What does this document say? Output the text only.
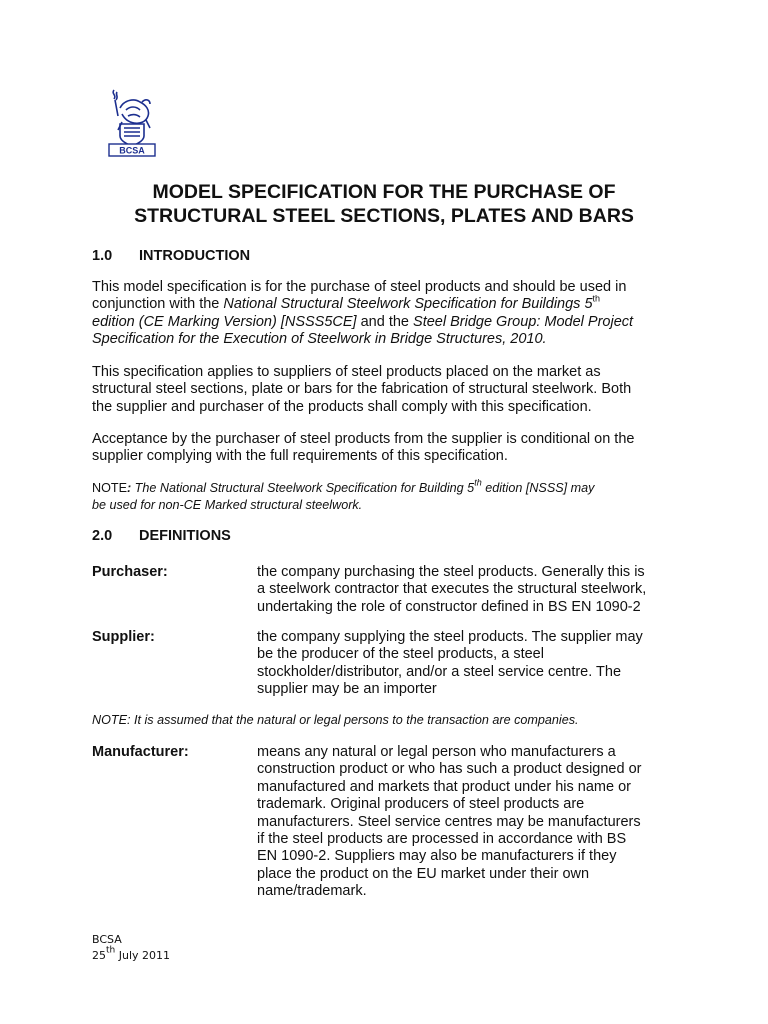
BCSA
MODEL SPECIFICATION FOR THE PURCHASE OF
STRUCTURAL STEEL SECTIONS, PLATES AND BARS
1.0 INTRODUCTION
This model specification is for the purchase of steel products and should be used in
conjunction with the National Structural Steelwork Specification for Buildings 5th
edition (CE Marking Version) [NSSS5CE] and the Steel Bridge Group: Model Project
Specification for the Execution of Steelwork in Bridge Structures, 2010.
This specification applies to suppliers of steel products placed on the market as
structural steel sections, plate or bars for the fabrication of structural steelwork. Both
the supplier and purchaser of the products shall comply with this specification.
Acceptance by the purchaser of steel products from the supplier is conditional on the
supplier complying with the full requirements of this specification.
NOTE: The National Structural Steelwork Specification for Building 5th edition [NSSS] may
be used for non-CE Marked structural steelwork.
2.0 DEFINITIONS
Purchaser:	the company purchasing the steel products. Generally this is
a steelwork contractor that executes the structural steelwork,
undertaking the role of constructor defined in BS EN 1090-2
Supplier:	the company supplying the steel products. The supplier may
be the producer of the steel products, a steel
stockholder/distributor, and/or a steel service centre. The
supplier may be an importer
NOTE: It is assumed that the natural or legal persons to the transaction are companies.
Manufacturer:	means any natural or legal person who manufacturers a
construction product or who has such a product designed or
manufactured and markets that product under his name or
trademark. Original producers of steel products are
manufacturers. Steel service centres may be manufacturers
if the steel products are processed in accordance with BS
EN 1090-2. Suppliers may also be manufacturers if they
place the product on the EU market under their own
name/trademark.
BCSA
25th July 2011
